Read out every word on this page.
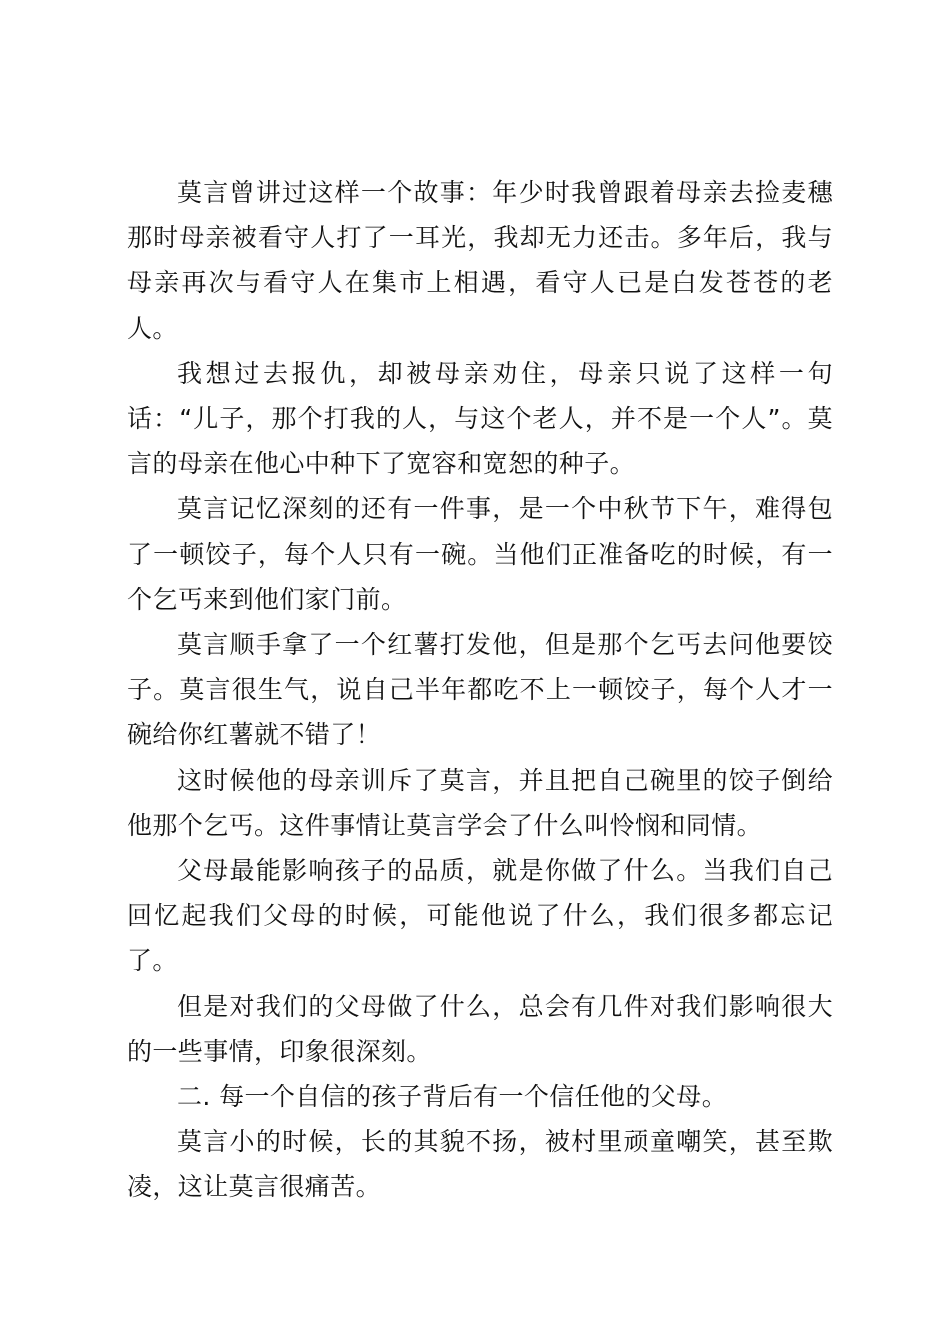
莫言曾讲过这样一个故事：年少时我曾跟着母亲去捡麦穗那时母亲被看守人打了一耳光，我却无力还击。多年后，我与母亲再次与看守人在集市上相遇，看守人已是白发苍苍的老人。

我想过去报仇，却被母亲劝住，母亲只说了这样一句话：“儿子，那个打我的人，与这个老人，并不是一个人”。莫言的母亲在他心中种下了宽容和宽恕的种子。

莫言记忆深刻的还有一件事，是一个中秋节下午，难得包了一顿饺子，每个人只有一碗。当他们正准备吃的时候，有一个乞丐来到他们家门前。

莫言顺手拿了一个红薯打发他，但是那个乞丐去问他要饺子。莫言很生气，说自己半年都吃不上一顿饺子，每个人才一碗给你红薯就不错了！

这时候他的母亲训斥了莫言，并且把自己碗里的饺子倒给他那个乞丐。这件事情让莫言学会了什么叫怜悯和同情。

父母最能影响孩子的品质，就是你做了什么。当我们自己回忆起我们父母的时候，可能他说了什么，我们很多都忘记了。

但是对我们的父母做了什么，总会有几件对我们影响很大的一些事情，印象很深刻。

二. 每一个自信的孩子背后有一个信任他的父母。

莫言小的时候，长的其貌不扬，被村里顽童嘲笑，甚至欺凌，这让莫言很痛苦。
